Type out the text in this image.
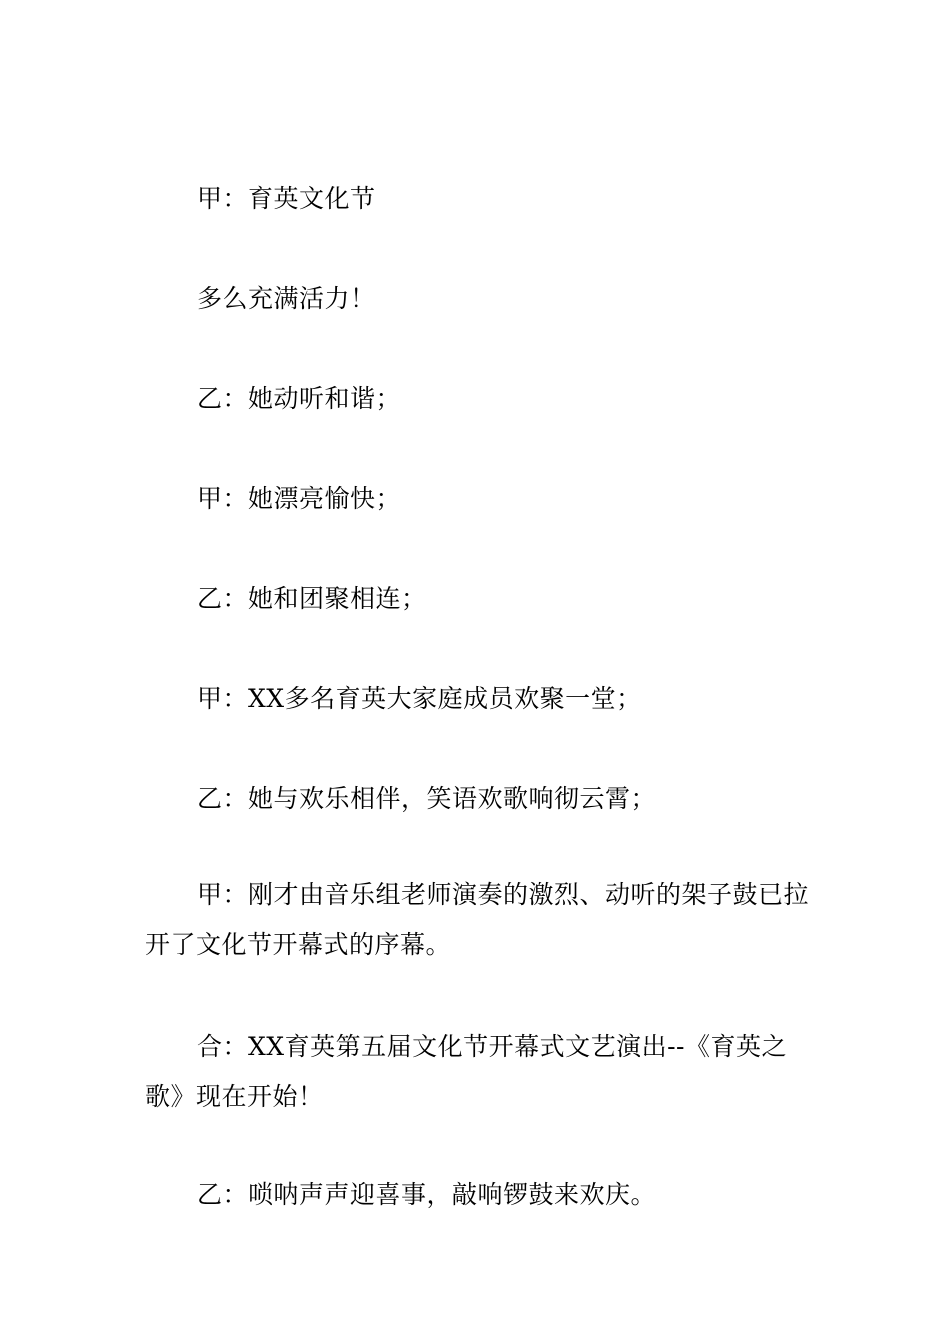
甲：育英文化节

多么充满活力！

乙：她动听和谐；

甲：她漂亮愉快；

乙：她和团聚相连；

甲：XX多名育英大家庭成员欢聚一堂；

乙：她与欢乐相伴，笑语欢歌响彻云霄；

甲：刚才由音乐组老师演奏的激烈、动听的架子鼓已拉开了文化节开幕式的序幕。

合：XX育英第五届文化节开幕式文艺演出--《育英之歌》现在开始！

乙：唢呐声声迎喜事，敲响锣鼓来欢庆。
